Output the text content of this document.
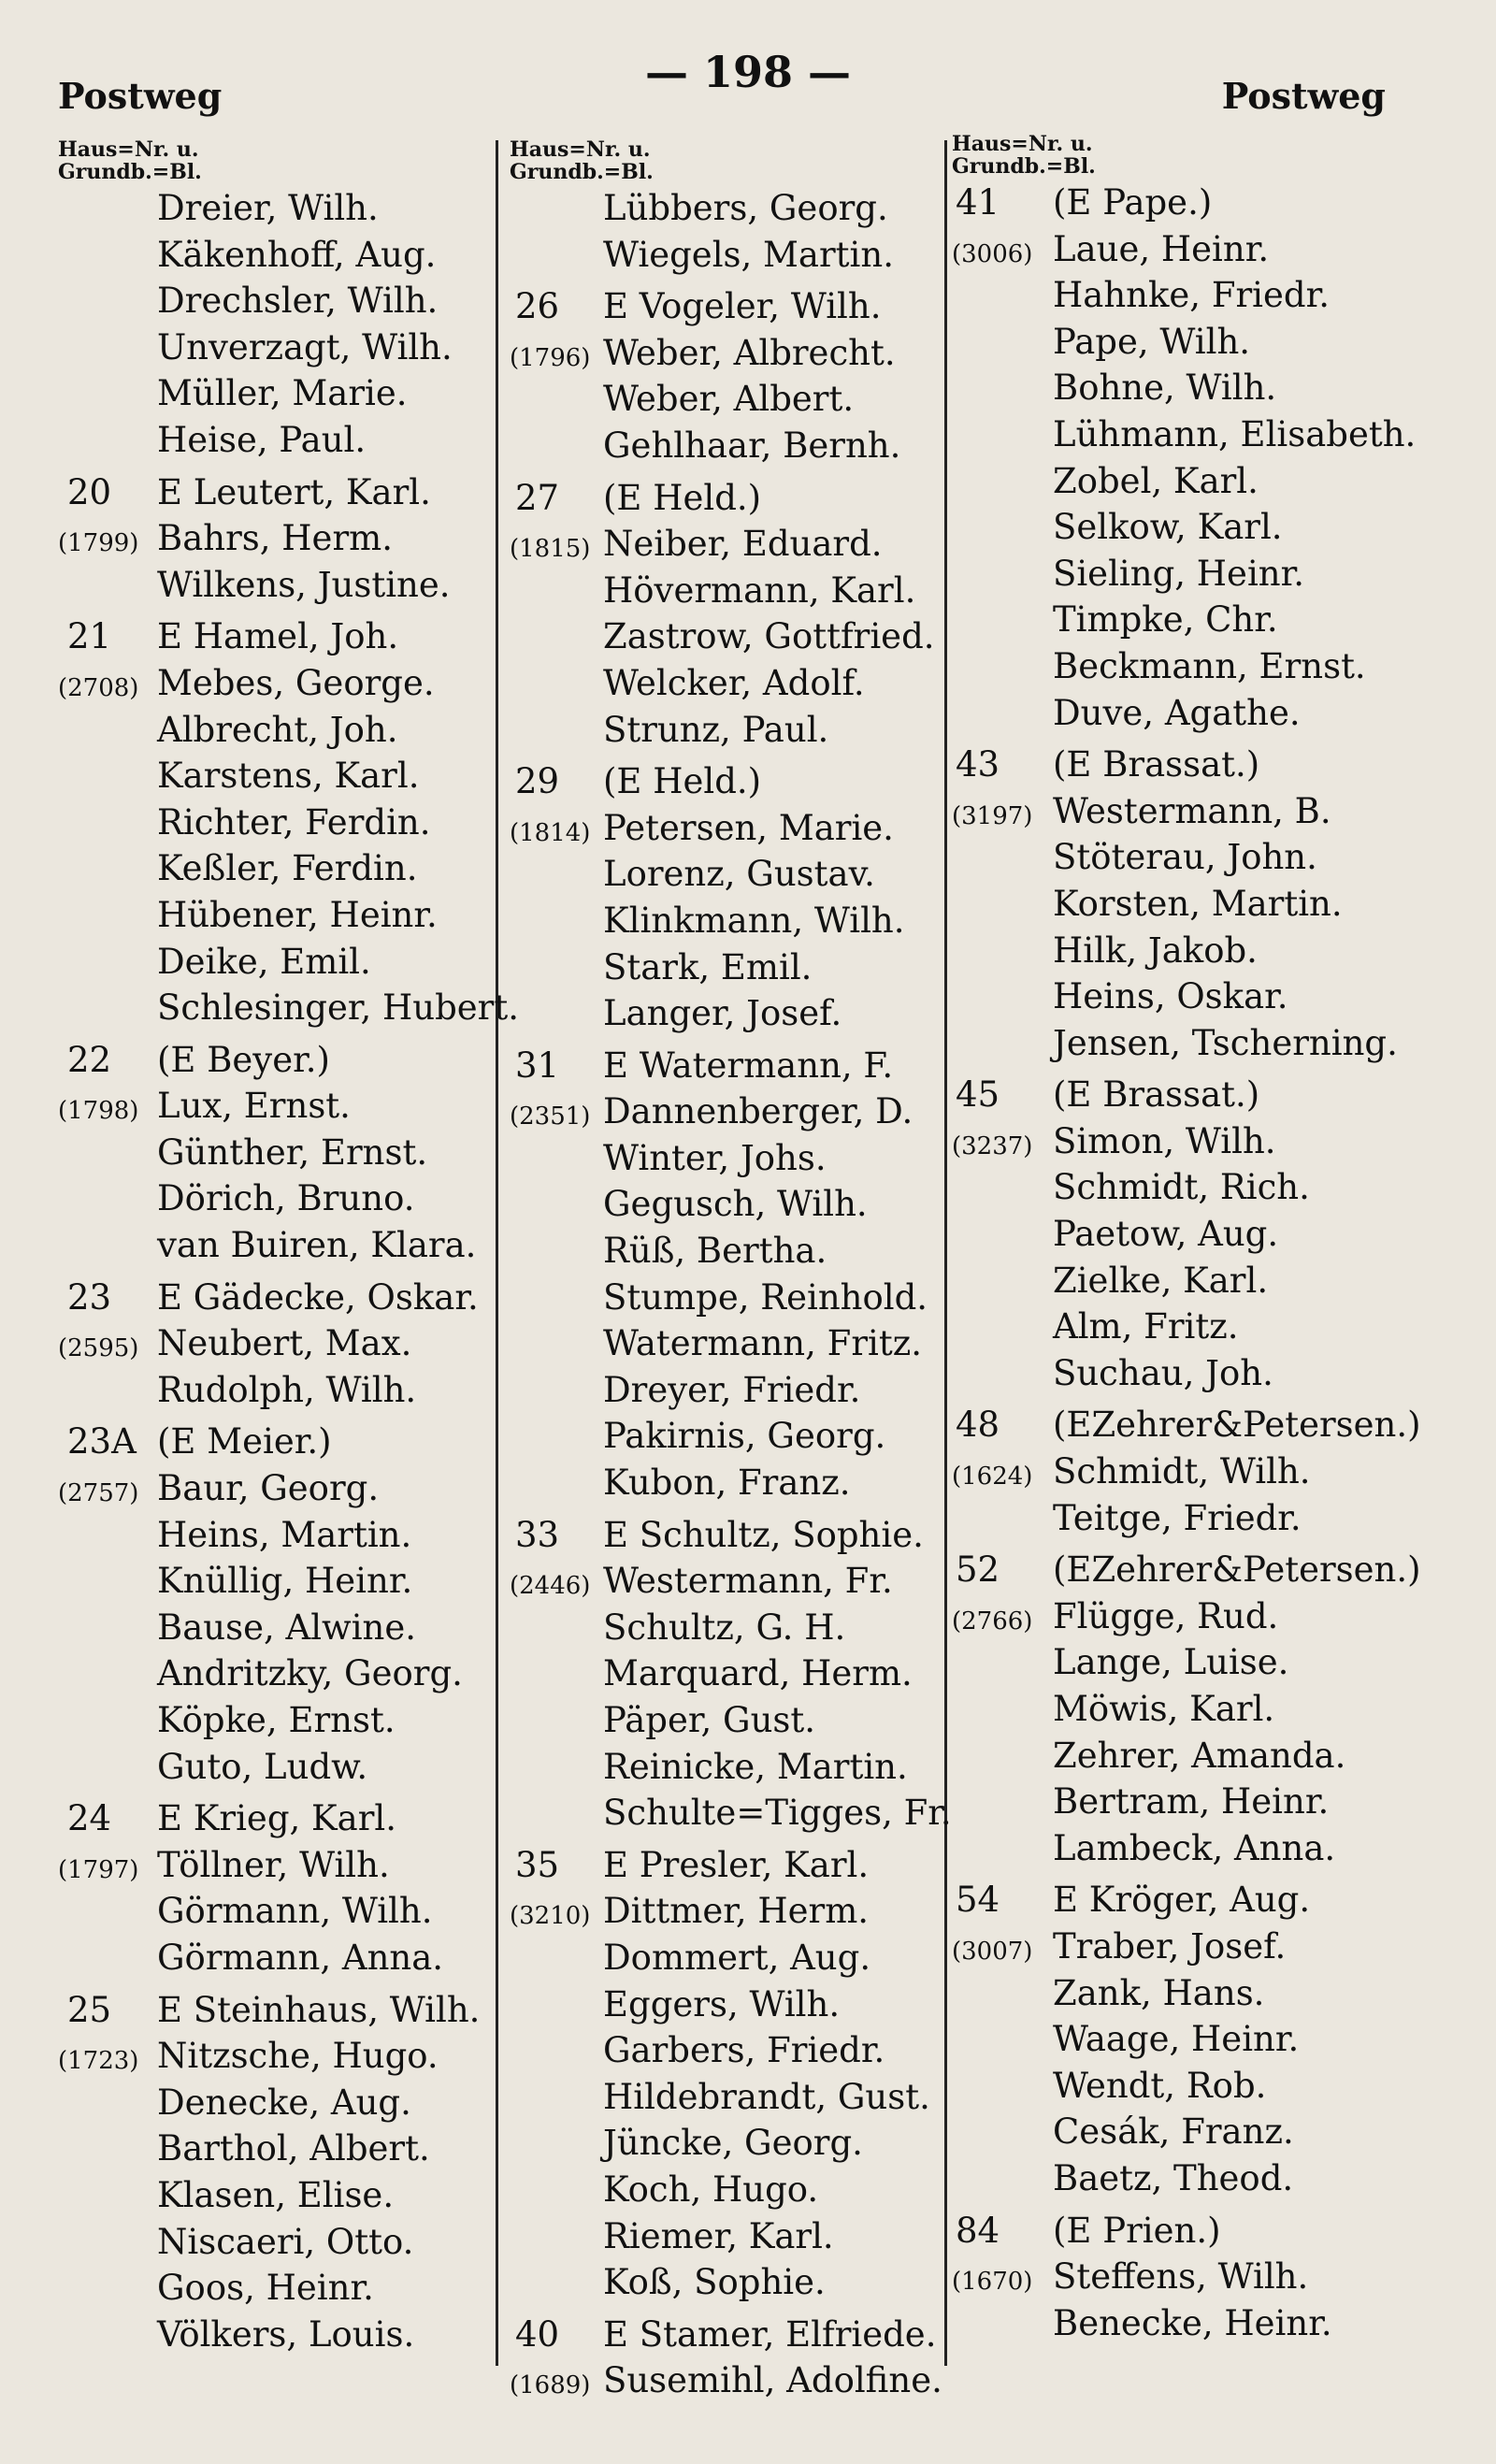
Postweg	— 198 —	Postweg
Haus=Nr. u.
Grundb.=Bl.
Dreier, Wilh.
Käkenhoff, Aug.
Drechsler, Wilh.
Unverzagt, Wilh.
Müller, Marie.
Heise, Paul.
20 E Leutert, Karl.
(1799) Bahrs, Herm.
Wilkens, Justine.
21 E Hamel, Joh.
(2708) Mebes, George.
Albrecht, Joh.
Karstens, Karl.
Richter, Ferdin.
Keßler, Ferdin.
Hübener, Heinr.
Deike, Emil.
Schlesinger, Hubert.
22 (E Beyer.)
(1798) Lux, Ernst.
Günther, Ernst.
Dörich, Bruno.
van Buiren, Klara.
23 E Gädecke, Oskar.
(2595) Neubert, Max.
Rudolph, Wilh.
23A (E Meier.)
(2757) Baur, Georg.
Heins, Martin.
Knüllig, Heinr.
Bause, Alwine.
Andritzky, Georg.
Köpke, Ernst.
Guto, Ludw.
24 E Krieg, Karl.
(1797) Töllner, Wilh.
Görmann, Wilh.
Görmann, Anna.
25 E Steinhaus, Wilh.
(1723) Nitzsche, Hugo.
Denecke, Aug.
Barthol, Albert.
Klasen, Elise.
Niscaeri, Otto.
Goos, Heinr.
Völkers, Louis.
Haus=Nr. u.
Grundb.=Bl.
Lübbers, Georg.
Wiegels, Martin.
26 E Vogeler, Wilh.
(1796) Weber, Albrecht.
Weber, Albert.
Gehlhaar, Bernh.
27 (E Held.)
(1815) Neiber, Eduard.
Hövermann, Karl.
Zastrow, Gottfried.
Welcker, Adolf.
Strunz, Paul.
29 (E Held.)
(1814) Petersen, Marie.
Lorenz, Gustav.
Klinkmann, Wilh.
Stark, Emil.
Langer, Josef.
31 E Watermann, F.
(2351) Dannenberger, D.
Winter, Johs.
Gegusch, Wilh.
Rüß, Bertha.
Stumpe, Reinhold.
Watermann, Fritz.
Dreyer, Friedr.
Pakirnis, Georg.
Kubon, Franz.
33 E Schultz, Sophie.
(2446) Westermann, Fr.
Schultz, G. H.
Marquard, Herm.
Päper, Gust.
Reinicke, Martin.
Schulte=Tigges, Fr.
35 E Presler, Karl.
(3210) Dittmer, Herm.
Dommert, Aug.
Eggers, Wilh.
Garbers, Friedr.
Hildebrandt, Gust.
Jüncke, Georg.
Koch, Hugo.
Riemer, Karl.
Koß, Sophie.
40 E Stamer, Elfriede.
(1689) Susemihl, Adolfine.
Haus=Nr. u.
Grundb.=Bl.
41 (E Pape.)
(3006) Laue, Heinr.
Hahnke, Friedr.
Pape, Wilh.
Bohne, Wilh.
Lühmann, Elisabeth.
Zobel, Karl.
Selkow, Karl.
Sieling, Heinr.
Timpke, Chr.
Beckmann, Ernst.
Duve, Agathe.
43 (E Brassat.)
(3197) Westermann, B.
Stöterau, John.
Korsten, Martin.
Hilk, Jakob.
Heins, Oskar.
Jensen, Tscherning.
45 (E Brassat.)
(3237) Simon, Wilh.
Schmidt, Rich.
Paetow, Aug.
Zielke, Karl.
Alm, Fritz.
Suchau, Joh.
48 (EZehrer&Petersen.)
(1624) Schmidt, Wilh.
Teitge, Friedr.
52 (EZehrer&Petersen.)
(2766) Flügge, Rud.
Lange, Luise.
Möwis, Karl.
Zehrer, Amanda.
Bertram, Heinr.
Lambeck, Anna.
54 E Kröger, Aug.
(3007) Traber, Josef.
Zank, Hans.
Waage, Heinr.
Wendt, Rob.
Cesák, Franz.
Baetz, Theod.
84 (E Prien.)
(1670) Steffens, Wilh.
Benecke, Heinr.
